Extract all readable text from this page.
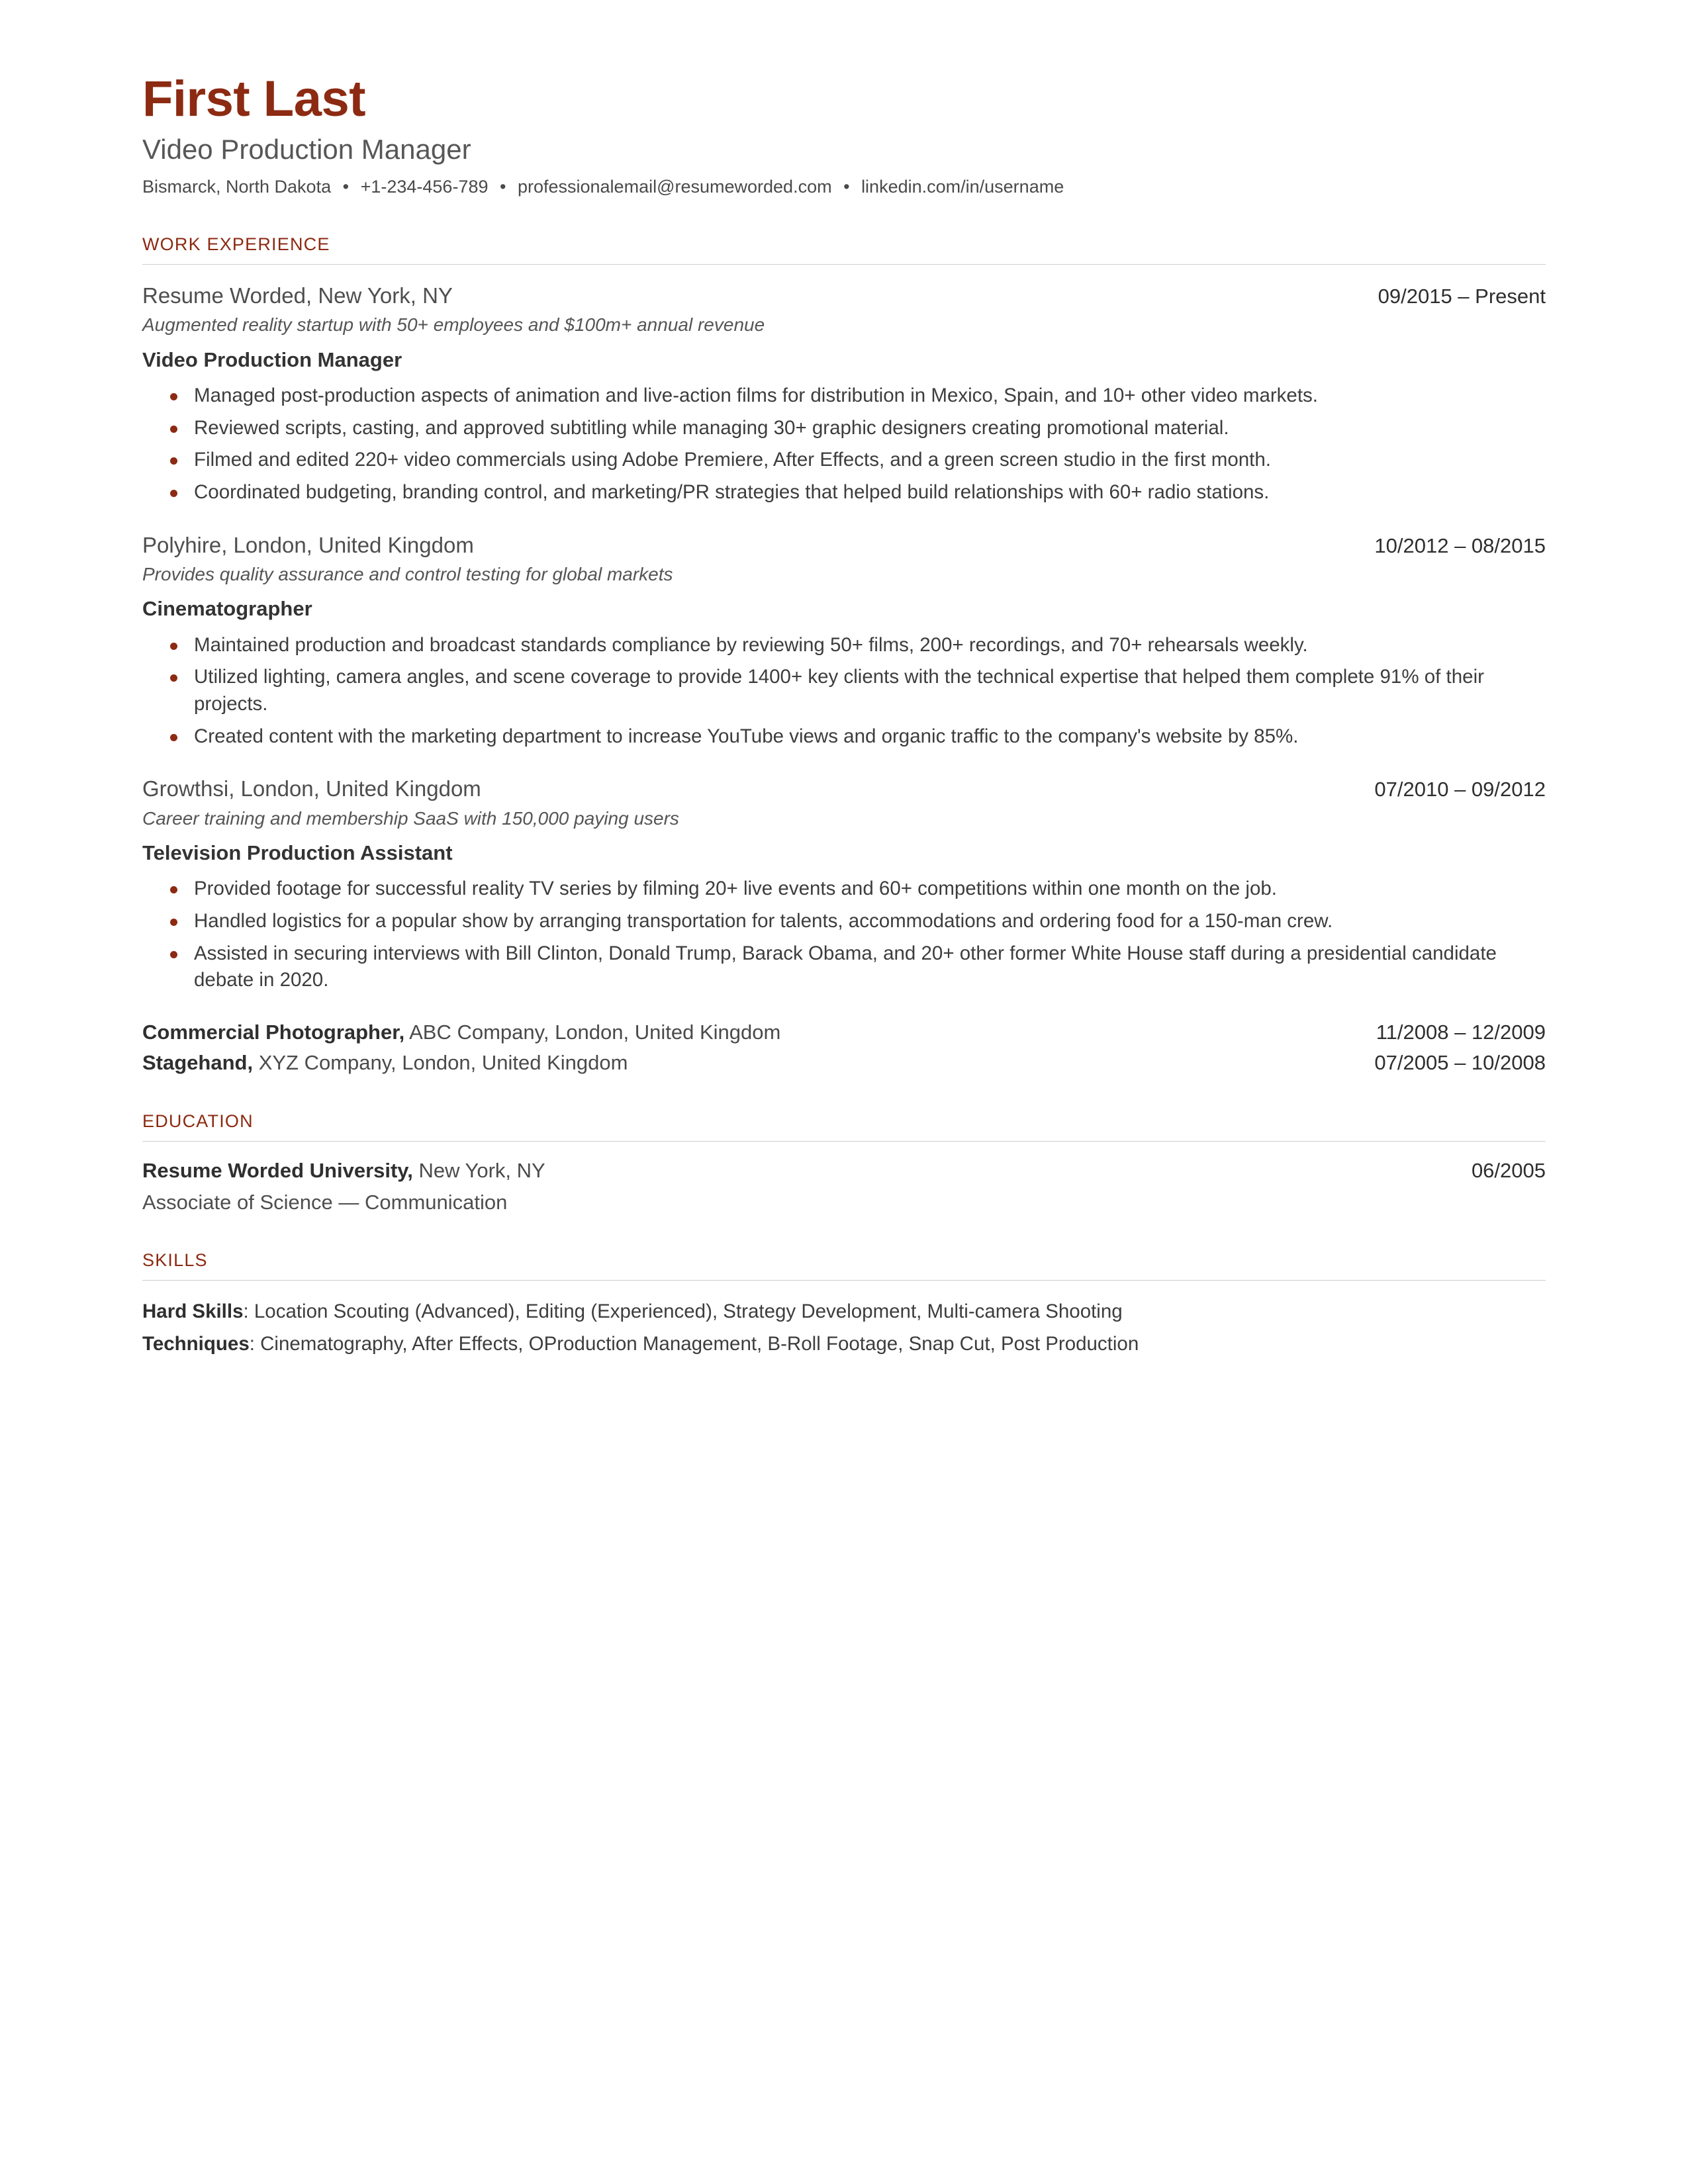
First Last
Video Production Manager
Bismarck, North Dakota • +1-234-456-789 • professionalemail@resumeworded.com • linkedin.com/in/username
WORK EXPERIENCE
Resume Worded, New York, NY	09/2015 – Present
Augmented reality startup with 50+ employees and $100m+ annual revenue
Video Production Manager
Managed post-production aspects of animation and live-action films for distribution in Mexico, Spain, and 10+ other video markets.
Reviewed scripts, casting, and approved subtitling while managing 30+ graphic designers creating promotional material.
Filmed and edited 220+ video commercials using Adobe Premiere, After Effects, and a green screen studio in the first month.
Coordinated budgeting, branding control, and marketing/PR strategies that helped build relationships with 60+ radio stations.
Polyhire, London, United Kingdom	10/2012 – 08/2015
Provides quality assurance and control testing for global markets
Cinematographer
Maintained production and broadcast standards compliance by reviewing 50+ films, 200+ recordings, and 70+ rehearsals weekly.
Utilized lighting, camera angles, and scene coverage to provide 1400+ key clients with the technical expertise that helped them complete 91% of their projects.
Created content with the marketing department to increase YouTube views and organic traffic to the company's website by 85%.
Growthsi, London, United Kingdom	07/2010 – 09/2012
Career training and membership SaaS with 150,000 paying users
Television Production Assistant
Provided footage for successful reality TV series by filming 20+ live events and 60+ competitions within one month on the job.
Handled logistics for a popular show by arranging transportation for talents, accommodations and ordering food for a 150-man crew.
Assisted in securing interviews with Bill Clinton, Donald Trump, Barack Obama, and 20+ other former White House staff during a presidential candidate debate in 2020.
Commercial Photographer, ABC Company, London, United Kingdom	11/2008 – 12/2009
Stagehand, XYZ Company, London, United Kingdom	07/2005 – 10/2008
EDUCATION
Resume Worded University, New York, NY	06/2005
Associate of Science — Communication
SKILLS
Hard Skills: Location Scouting (Advanced), Editing (Experienced), Strategy Development, Multi-camera Shooting
Techniques: Cinematography, After Effects, OProduction Management, B-Roll Footage, Snap Cut, Post Production
